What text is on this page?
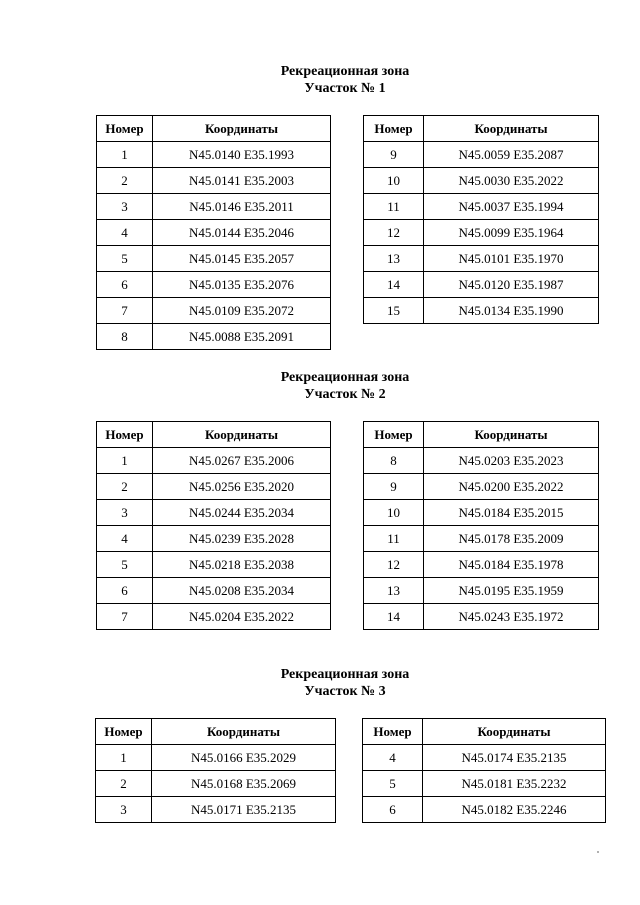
Рекреационная зона
Участок № 1
Номер	Координаты
1	N45.0140 E35.1993
2	N45.0141 E35.2003
3	N45.0146 E35.2011
4	N45.0144 E35.2046
5	N45.0145 E35.2057
6	N45.0135 E35.2076
7	N45.0109 E35.2072
8	N45.0088 E35.2091
Номер	Координаты
9	N45.0059 E35.2087
10	N45.0030 E35.2022
11	N45.0037 E35.1994
12	N45.0099 E35.1964
13	N45.0101 E35.1970
14	N45.0120 E35.1987
15	N45.0134 E35.1990
Рекреационная зона
Участок № 2
Номер	Координаты
1	N45.0267 E35.2006
2	N45.0256 E35.2020
3	N45.0244 E35.2034
4	N45.0239 E35.2028
5	N45.0218 E35.2038
6	N45.0208 E35.2034
7	N45.0204 E35.2022
Номер	Координаты
8	N45.0203 E35.2023
9	N45.0200 E35.2022
10	N45.0184 E35.2015
11	N45.0178 E35.2009
12	N45.0184 E35.1978
13	N45.0195 E35.1959
14	N45.0243 E35.1972
Рекреационная зона
Участок № 3
Номер	Координаты
1	N45.0166 E35.2029
2	N45.0168 E35.2069
3	N45.0171 E35.2135
Номер	Координаты
4	N45.0174 E35.2135
5	N45.0181 E35.2232
6	N45.0182 E35.2246
